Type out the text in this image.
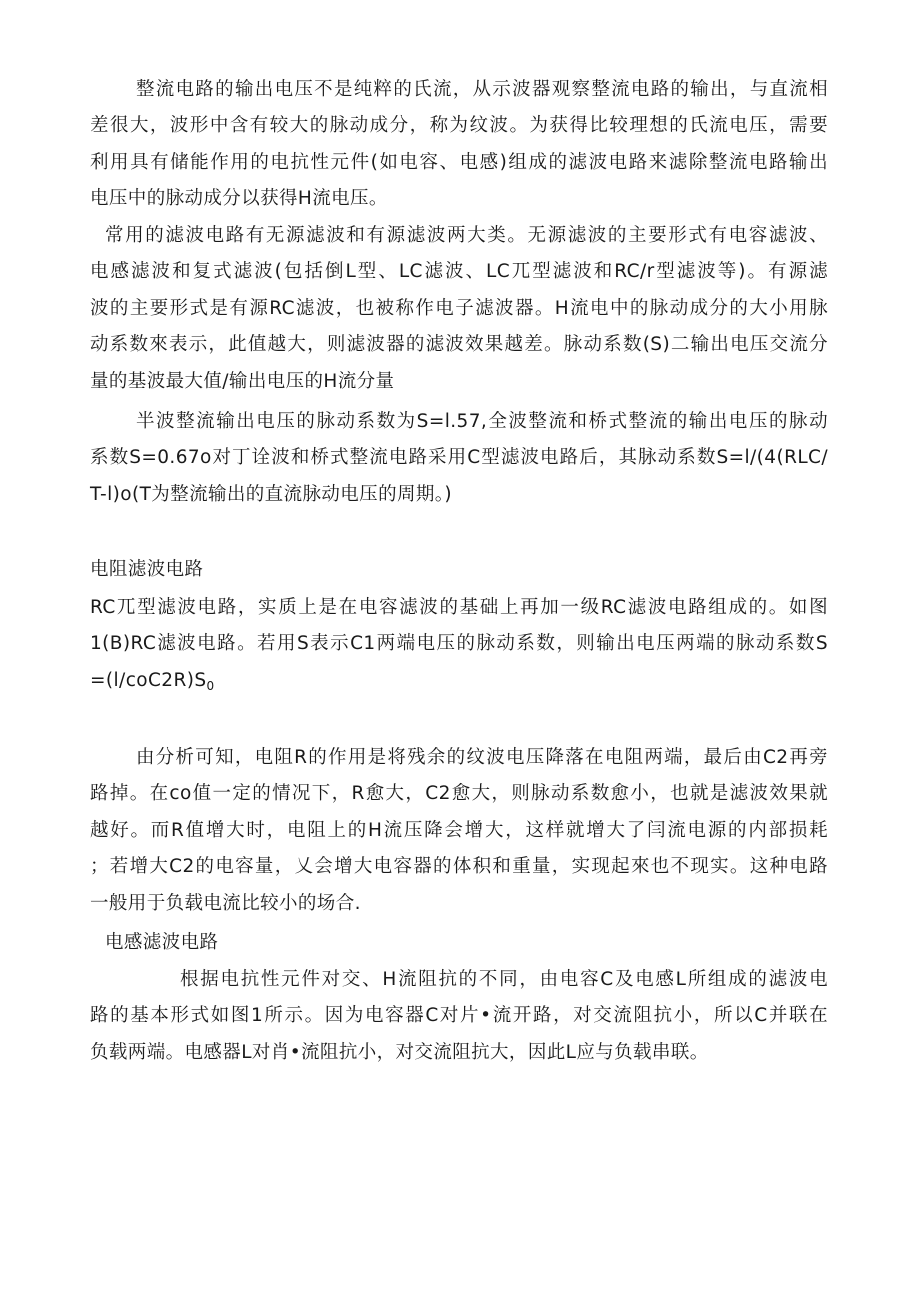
整流电路的输出电压不是纯粹的氏流，从示波器观察整流电路的输出，与直流相
差很大，波形中含有较大的脉动成分，称为纹波。为获得比较理想的氏流电压，需要
利用具有储能作用的电抗性元件(如电容、电感)组成的滤波电路来滤除整流电路输出
电压中的脉动成分以获得H流电压。
常用的滤波电路有无源滤波和有源滤波两大类。无源滤波的主要形式有电容滤波、
电感滤波和复式滤波(包括倒L型、LC滤波、LC兀型滤波和RC/r型滤波等)。有源滤
波的主要形式是有源RC滤波，也被称作电子滤波器。H流电中的脉动成分的大小用脉
动系数來表示，此值越大，则滤波器的滤波效果越差。脉动系数(S)二输出电压交流分
量的基波最大值/输出电压的H流分量
半波整流输出电压的脉动系数为S=l.57,全波整流和桥式整流的输出电压的脉动
系数S=0.67o对丁诠波和桥式整流电路采用C型滤波电路后，其脉动系数S=l/(4(RLC/
T-l)o(T为整流输出的直流脉动电压的周期。)
电阻滤波电路
RC兀型滤波电路，实质上是在电容滤波的基础上再加一级RC滤波电路组成的。如图
1(B)RC滤波电路。若用S表示C1两端电压的脉动系数，则输出电压两端的脉动系数S
$=(l/coC2R)S_0$
由分析可知，电阻R的作用是将残余的纹波电压降落在电阻两端，最后由C2再旁
路掉。在co值一定的情况下，R愈大，C2愈大，则脉动系数愈小，也就是滤波效果就
越好。而R值增大时，电阻上的H流压降会增大，这样就增大了闫流电源的内部损耗
；若增大C2的电容量，乂会增大电容器的体积和重量，实现起來也不现实。这种电路
一般用于负载电流比较小的场合.
电感滤波电路
根据电抗性元件对交、H流阻抗的不同，由电容C及电感L所组成的滤波电
路的基本形式如图1所示。因为电容器C对片•流开路，对交流阻抗小，所以C并联在
负载两端。电感器L对肖•流阻抗小，对交流阻抗大，因此L应与负载串联。
